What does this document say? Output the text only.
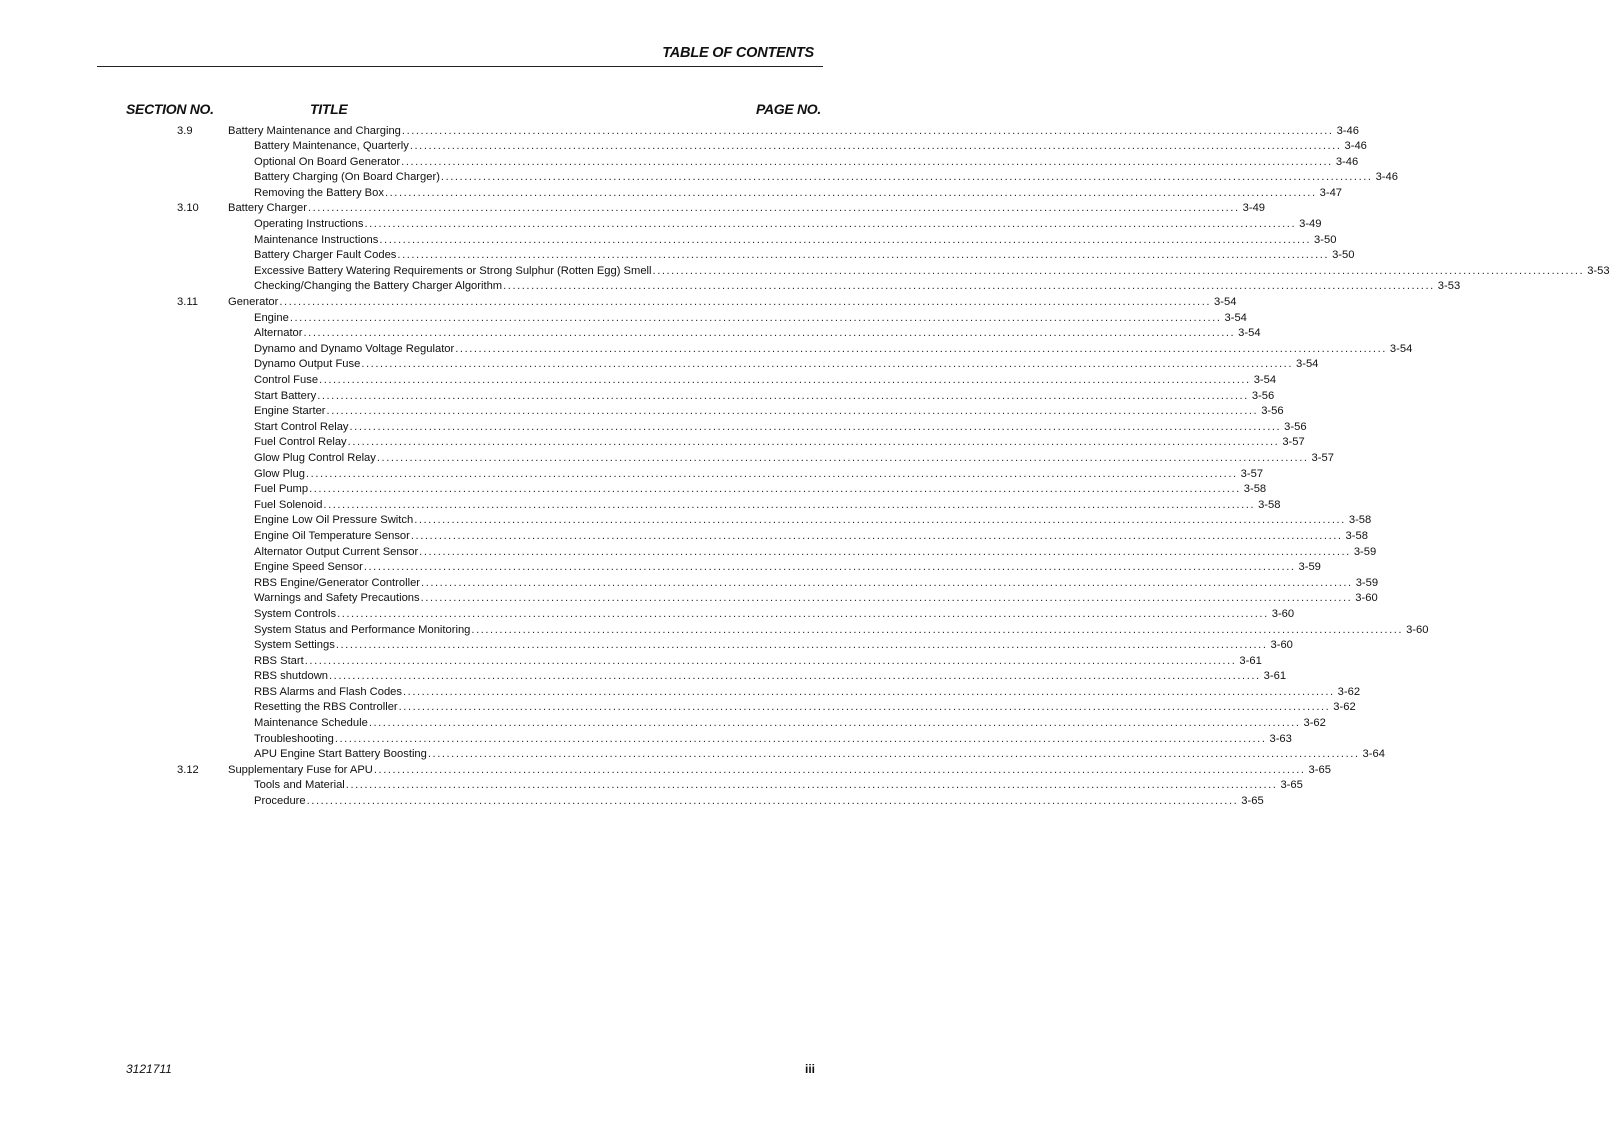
TABLE OF CONTENTS
SECTION NO.	TITLE	PAGE NO.
3.9	Battery Maintenance and Charging ........................................................................................................................................................................................................ 3-46
Battery Maintenance, Quarterly ........................................................................................................................................................................................................ 3-46
Optional On Board Generator ........................................................................................................................................................................................................ 3-46
Battery Charging (On Board Charger) ........................................................................................................................................................................................................ 3-46
Removing the Battery Box ........................................................................................................................................................................................................ 3-47
3.10	Battery Charger ........................................................................................................................................................................................................ 3-49
Operating Instructions ........................................................................................................................................................................................................ 3-49
Maintenance Instructions ........................................................................................................................................................................................................ 3-50
Battery Charger Fault Codes ........................................................................................................................................................................................................ 3-50
Excessive Battery Watering Requirements or Strong Sulphur (Rotten Egg) Smell ........................................................................................................................................................................................................ 3-53
Checking/Changing the Battery Charger Algorithm ........................................................................................................................................................................................................ 3-53
3.11	Generator ........................................................................................................................................................................................................ 3-54
Engine ........................................................................................................................................................................................................ 3-54
Alternator ........................................................................................................................................................................................................ 3-54
Dynamo and Dynamo Voltage Regulator ........................................................................................................................................................................................................ 3-54
Dynamo Output Fuse ........................................................................................................................................................................................................ 3-54
Control Fuse ........................................................................................................................................................................................................ 3-54
Start Battery ........................................................................................................................................................................................................ 3-56
Engine Starter ........................................................................................................................................................................................................ 3-56
Start Control Relay ........................................................................................................................................................................................................ 3-56
Fuel Control Relay ........................................................................................................................................................................................................ 3-57
Glow Plug Control Relay ........................................................................................................................................................................................................ 3-57
Glow Plug ........................................................................................................................................................................................................ 3-57
Fuel Pump ........................................................................................................................................................................................................ 3-58
Fuel Solenoid ........................................................................................................................................................................................................ 3-58
Engine Low Oil Pressure Switch ........................................................................................................................................................................................................ 3-58
Engine Oil Temperature Sensor ........................................................................................................................................................................................................ 3-58
Alternator Output Current Sensor ........................................................................................................................................................................................................ 3-59
Engine Speed Sensor ........................................................................................................................................................................................................ 3-59
RBS Engine/Generator Controller ........................................................................................................................................................................................................ 3-59
Warnings and Safety Precautions ........................................................................................................................................................................................................ 3-60
System Controls ........................................................................................................................................................................................................ 3-60
System Status and Performance Monitoring ........................................................................................................................................................................................................ 3-60
System Settings ........................................................................................................................................................................................................ 3-60
RBS Start ........................................................................................................................................................................................................ 3-61
RBS shutdown ........................................................................................................................................................................................................ 3-61
RBS Alarms and Flash Codes ........................................................................................................................................................................................................ 3-62
Resetting the RBS Controller ........................................................................................................................................................................................................ 3-62
Maintenance Schedule ........................................................................................................................................................................................................ 3-62
Troubleshooting ........................................................................................................................................................................................................ 3-63
APU Engine Start Battery Boosting ........................................................................................................................................................................................................ 3-64
3.12	Supplementary Fuse for APU ........................................................................................................................................................................................................ 3-65
Tools and Material ........................................................................................................................................................................................................ 3-65
Procedure ........................................................................................................................................................................................................ 3-65
3121711	iii
